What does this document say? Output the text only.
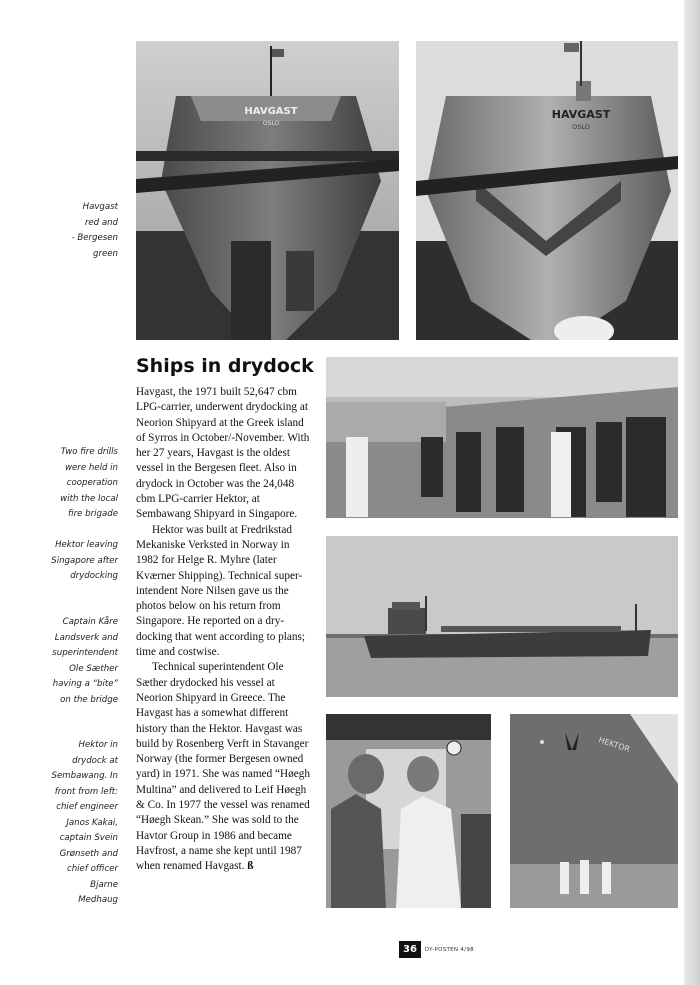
HAVGAST
OSLO
HAVGAST
OSLO
HEKTOR
Havgast
red and
- Bergesen
green
Two fire drills
were held in
cooperation
with the local
fire brigade
Hektor leaving
Singapore after
drydocking
Captain Kåre
Landsverk and
superintendent
Ole Sæther
having a “bite”
on the bridge
Hektor in
drydock at
Sembawang. In
front from left:
chief engineer
Janos Kakai,
captain Svein
Grønseth and
chief officer
Bjarne
Medhaug
Ships in drydock

Havgast, the 1971 built 52,647 cbm LPG-carrier, underwent drydocking at Neorion Shipyard at the Greek island of Syrros in October/-November. With her 27 years, Havgast is the oldest vessel in the Bergesen fleet. Also in drydock in October was the 24,048 cbm LPG-carrier Hektor, at Sembawang Shipyard in Singapore.

Hektor was built at Fredrikstad Mekaniske Verksted in Norway in 1982 for Helge R. Myhre (later Kværner Shipping). Technical super-intendent Nore Nilsen gave us the photos below on his return from Singapore. He reported on a dry-docking that went according to plans; time and costwise.

Technical superintendent Ole Sæther drydocked his vessel at Neorion Shipyard in Greece. The Havgast has a somewhat different history than the Hektor. Havgast was build by Rosenberg Verft in Stavanger Norway (the former Bergesen owned yard) in 1971. She was named “Høegh Multina” and delivered to Leif Høegh & Co. In 1977 the vessel was renamed “Høegh Skean.” She was sold to the Havtor Group in 1986 and became Havfrost, a name she kept until 1987 when renamed Havgast. ß

36	DY-POSTEN 4/98
